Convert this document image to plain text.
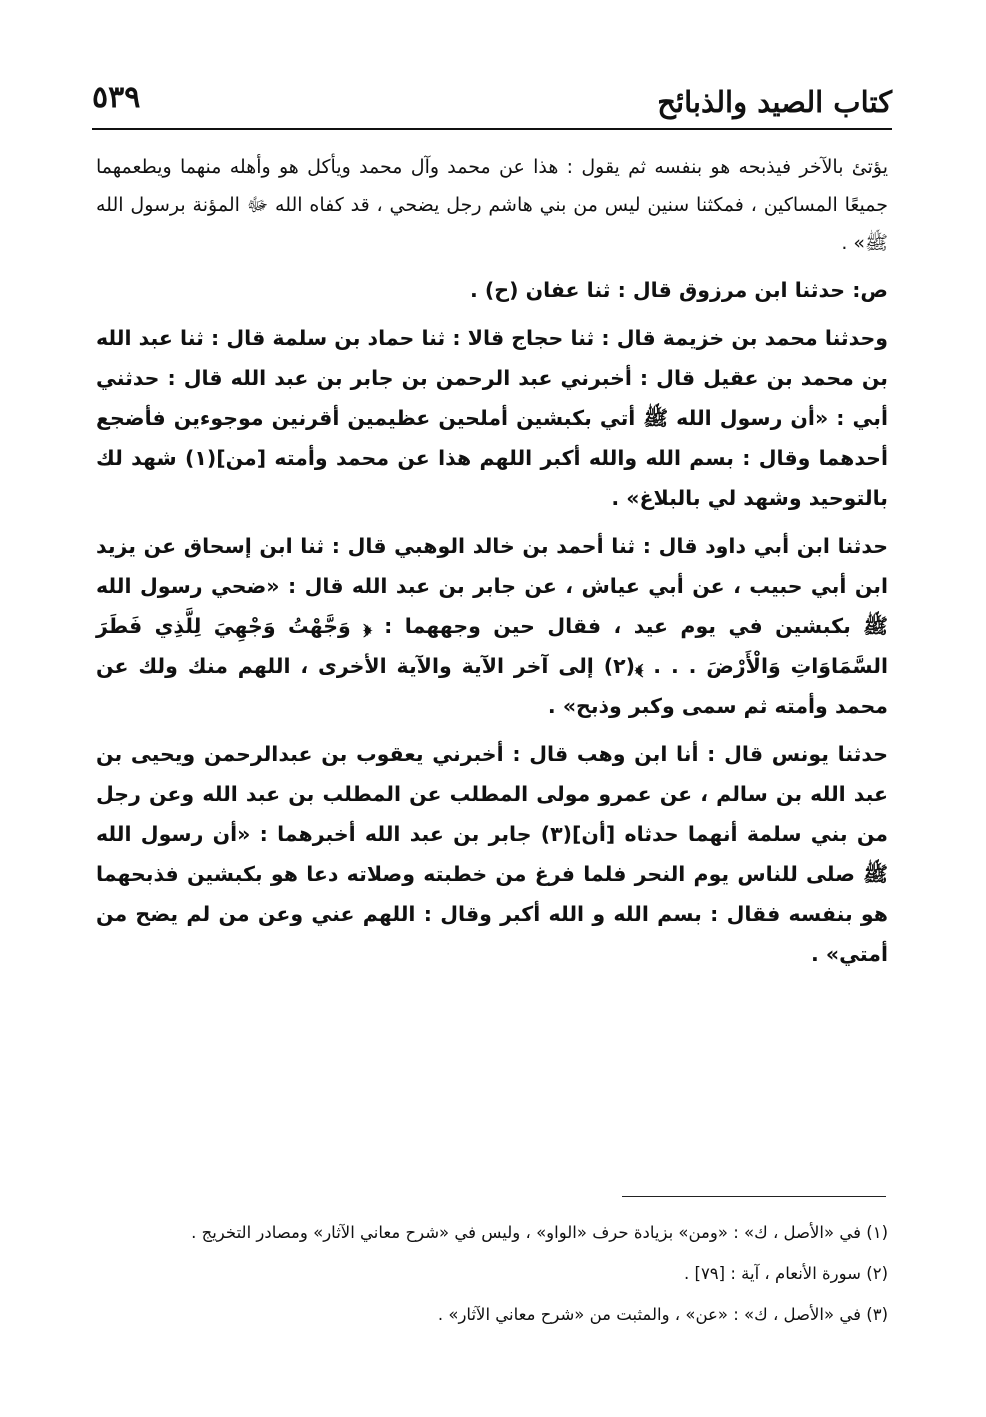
كتاب الصيد والذبائح
٥٣٩

يؤتئ بالآخر فيذبحه هو بنفسه ثم يقول : هذا عن محمد وآل محمد ويأكل هو وأهله منهما ويطعمهما جميعًا المساكين ، فمكثنا سنين ليس من بني هاشم رجل يضحي ، قد كفاه الله ﷻ المؤنة برسول الله ﷺ» .

ص: حدثنا ابن مرزوق قال : ثنا عفان (ح) .

وحدثنا محمد بن خزيمة قال : ثنا حجاج قالا : ثنا حماد بن سلمة قال : ثنا عبد الله بن محمد بن عقيل قال : أخبرني عبد الرحمن بن جابر بن عبد الله قال : حدثني أبي : «أن رسول الله ﷺ أتي بكبشين أملحين عظيمين أقرنين موجوءين فأضجع أحدهما وقال : بسم الله والله أكبر اللهم هذا عن محمد وأمته [من](١) شهد لك بالتوحيد وشهد لي بالبلاغ» .

حدثنا ابن أبي داود قال : ثنا أحمد بن خالد الوهبي قال : ثنا ابن إسحاق عن يزيد ابن أبي حبيب ، عن أبي عياش ، عن جابر بن عبد الله قال : «ضحي رسول الله ﷺ بكبشين في يوم عيد ، فقال حين وجههما : ﴿ وَجَّهْتُ وَجْهِيَ لِلَّذِي فَطَرَ السَّمَاوَاتِ وَالْأَرْضَ . . . ﴾(٢) إلى آخر الآية والآية الأخرى ، اللهم منك ولك عن محمد وأمته ثم سمى وكبر وذبح» .

حدثنا يونس قال : أنا ابن وهب قال : أخبرني يعقوب بن عبدالرحمن ويحيى بن عبد الله بن سالم ، عن عمرو مولى المطلب عن المطلب بن عبد الله وعن رجل من بني سلمة أنهما حدثاه [أن](٣) جابر بن عبد الله أخبرهما : «أن رسول الله ﷺ صلى للناس يوم النحر فلما فرغ من خطبته وصلاته دعا هو بكبشين فذبحهما هو بنفسه فقال : بسم الله و الله أكبر وقال : اللهم عني وعن من لم يضح من أمتي» .

(١) في «الأصل ، ك» : «ومن» بزيادة حرف «الواو» ، وليس في «شرح معاني الآثار» ومصادر التخريج .
(٢) سورة الأنعام ، آية : [٧٩] .
(٣) في «الأصل ، ك» : «عن» ، والمثبت من «شرح معاني الآثار» .
